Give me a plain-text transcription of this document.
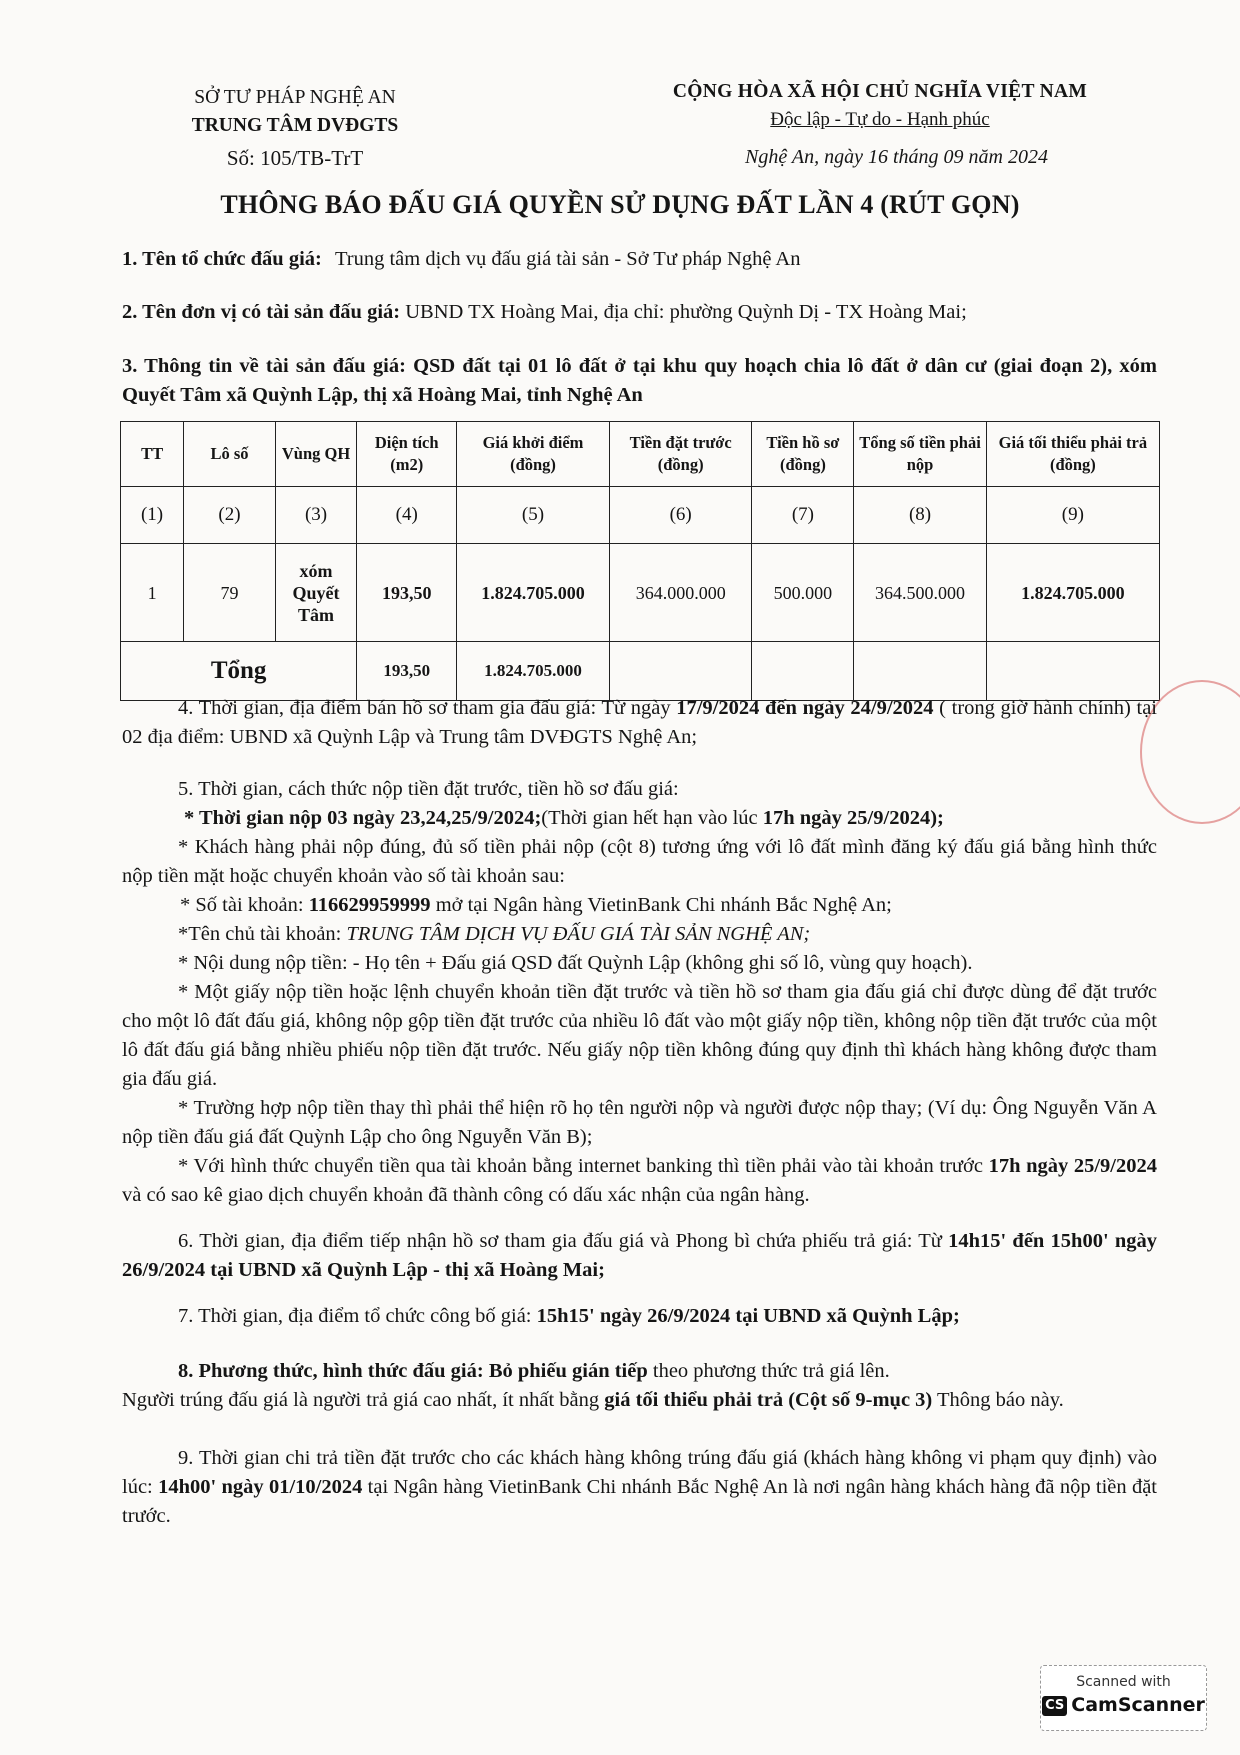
SỞ TƯ PHÁP NGHỆ AN
TRUNG TÂM DVĐGTS
Số: 105/TB-TrT
CỘNG HÒA XÃ HỘI CHỦ NGHĨA VIỆT NAM
Độc lập - Tự do - Hạnh phúc
Nghệ An, ngày 16 tháng 09 năm 2024
THÔNG BÁO ĐẤU GIÁ QUYỀN SỬ DỤNG ĐẤT LẦN 4 (RÚT GỌN)
1. Tên tổ chức đấu giá: Trung tâm dịch vụ đấu giá tài sản - Sở Tư pháp Nghệ An
2. Tên đơn vị có tài sản đấu giá: UBND TX Hoàng Mai, địa chỉ: phường Quỳnh Dị - TX Hoàng Mai;
3. Thông tin về tài sản đấu giá: QSD đất tại 01 lô đất ở tại khu quy hoạch chia lô đất ở dân cư (giai đoạn 2), xóm Quyết Tâm xã Quỳnh Lập, thị xã Hoàng Mai, tỉnh Nghệ An
TT	Lô số	Vùng QH	Diện tích (m2)	Giá khởi điểm (đồng)	Tiền đặt trước (đồng)	Tiền hồ sơ (đồng)	Tổng số tiền phải nộp	Giá tối thiểu phải trả (đồng)
(1)	(2)	(3)	(4)	(5)	(6)	(7)	(8)	(9)
1	79	xóm Quyết Tâm	193,50	1.824.705.000	364.000.000	500.000	364.500.000	1.824.705.000
Tổng			193,50	1.824.705.000				
4. Thời gian, địa điểm bán hồ sơ tham gia đấu giá: Từ ngày 17/9/2024 đến ngày 24/9/2024 ( trong giờ hành chính) tại 02 địa điểm: UBND xã Quỳnh Lập và Trung tâm DVĐGTS Nghệ An;
5. Thời gian, cách thức nộp tiền đặt trước, tiền hồ sơ đấu giá:
* Thời gian nộp 03 ngày 23,24,25/9/2024;(Thời gian hết hạn vào lúc 17h ngày 25/9/2024);
* Khách hàng phải nộp đúng, đủ số tiền phải nộp (cột 8) tương ứng với lô đất mình đăng ký đấu giá bằng hình thức nộp tiền mặt hoặc chuyển khoản vào số tài khoản sau:
* Số tài khoản: 116629959999 mở tại Ngân hàng VietinBank Chi nhánh Bắc Nghệ An;
*Tên chủ tài khoản: TRUNG TÂM DỊCH VỤ ĐẤU GIÁ TÀI SẢN NGHỆ AN;
* Nội dung nộp tiền: - Họ tên + Đấu giá QSD đất Quỳnh Lập (không ghi số lô, vùng quy hoạch).
* Một giấy nộp tiền hoặc lệnh chuyển khoản tiền đặt trước và tiền hồ sơ tham gia đấu giá chỉ được dùng để đặt trước cho một lô đất đấu giá, không nộp gộp tiền đặt trước của nhiều lô đất vào một giấy nộp tiền, không nộp tiền đặt trước của một lô đất đấu giá bằng nhiều phiếu nộp tiền đặt trước. Nếu giấy nộp tiền không đúng quy định thì khách hàng không được tham gia đấu giá.
* Trường hợp nộp tiền thay thì phải thể hiện rõ họ tên người nộp và người được nộp thay; (Ví dụ: Ông Nguyễn Văn A nộp tiền đấu giá đất Quỳnh Lập cho ông Nguyễn Văn B);
* Với hình thức chuyển tiền qua tài khoản bằng internet banking thì tiền phải vào tài khoản trước 17h ngày 25/9/2024 và có sao kê giao dịch chuyển khoản đã thành công có dấu xác nhận của ngân hàng.
6. Thời gian, địa điểm tiếp nhận hồ sơ tham gia đấu giá và Phong bì chứa phiếu trả giá: Từ 14h15' đến 15h00' ngày 26/9/2024 tại UBND xã Quỳnh Lập - thị xã Hoàng Mai;
7. Thời gian, địa điểm tổ chức công bố giá: 15h15' ngày 26/9/2024 tại UBND xã Quỳnh Lập;
8. Phương thức, hình thức đấu giá: Bỏ phiếu gián tiếp theo phương thức trả giá lên.
Người trúng đấu giá là người trả giá cao nhất, ít nhất bằng giá tối thiểu phải trả (Cột số 9-mục 3) Thông báo này.
9. Thời gian chi trả tiền đặt trước cho các khách hàng không trúng đấu giá (khách hàng không vi phạm quy định) vào lúc: 14h00' ngày 01/10/2024 tại Ngân hàng VietinBank Chi nhánh Bắc Nghệ An là nơi ngân hàng khách hàng đã nộp tiền đặt trước.
Scanned with
CS CamScanner
